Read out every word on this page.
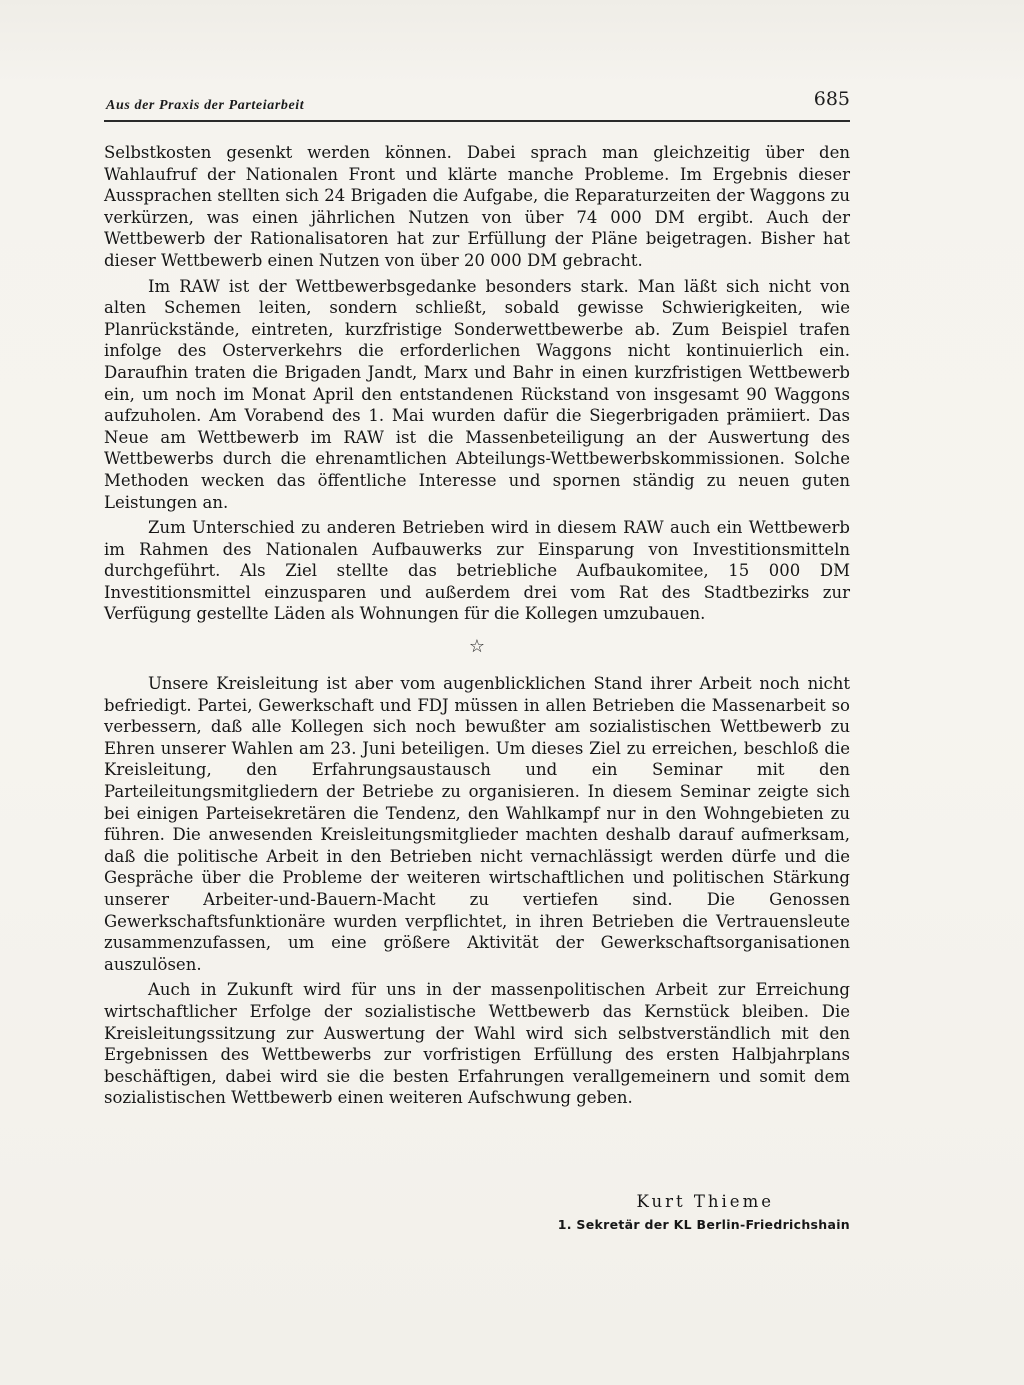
Aus der Praxis der Parteiarbeit	685

Selbstkosten gesenkt werden können. Dabei sprach man gleichzeitig über den Wahlaufruf der Nationalen Front und klärte manche Probleme. Im Ergebnis dieser Aussprachen stellten sich 24 Brigaden die Aufgabe, die Reparaturzeiten der Waggons zu verkürzen, was einen jährlichen Nutzen von über 74 000 DM ergibt. Auch der Wettbewerb der Rationalisatoren hat zur Erfüllung der Pläne beigetragen. Bisher hat dieser Wettbewerb einen Nutzen von über 20 000 DM gebracht.

Im RAW ist der Wettbewerbsgedanke besonders stark. Man läßt sich nicht von alten Schemen leiten, sondern schließt, sobald gewisse Schwierigkeiten, wie Planrückstände, eintreten, kurzfristige Sonderwettbewerbe ab. Zum Beispiel trafen infolge des Osterverkehrs die erforderlichen Waggons nicht kontinuierlich ein. Daraufhin traten die Brigaden Jandt, Marx und Bahr in einen kurzfristigen Wettbewerb ein, um noch im Monat April den entstandenen Rückstand von insgesamt 90 Waggons aufzuholen. Am Vorabend des 1. Mai wurden dafür die Siegerbrigaden prämiiert. Das Neue am Wettbewerb im RAW ist die Massenbeteiligung an der Auswertung des Wettbewerbs durch die ehrenamtlichen Abteilungs-Wettbewerbskommissionen. Solche Methoden wecken das öffentliche Interesse und spornen ständig zu neuen guten Leistungen an.

Zum Unterschied zu anderen Betrieben wird in diesem RAW auch ein Wettbewerb im Rahmen des Nationalen Aufbauwerks zur Einsparung von Investitionsmitteln durchgeführt. Als Ziel stellte das betriebliche Aufbaukomitee, 15 000 DM Investitionsmittel einzusparen und außerdem drei vom Rat des Stadtbezirks zur Verfügung gestellte Läden als Wohnungen für die Kollegen umzubauen.

☆

Unsere Kreisleitung ist aber vom augenblicklichen Stand ihrer Arbeit noch nicht befriedigt. Partei, Gewerkschaft und FDJ müssen in allen Betrieben die Massenarbeit so verbessern, daß alle Kollegen sich noch bewußter am sozialistischen Wettbewerb zu Ehren unserer Wahlen am 23. Juni beteiligen. Um dieses Ziel zu erreichen, beschloß die Kreisleitung, den Erfahrungsaustausch und ein Seminar mit den Parteileitungsmitgliedern der Betriebe zu organisieren. In diesem Seminar zeigte sich bei einigen Parteisekretären die Tendenz, den Wahlkampf nur in den Wohngebieten zu führen. Die anwesenden Kreisleitungsmitglieder machten deshalb darauf aufmerksam, daß die politische Arbeit in den Betrieben nicht vernachlässigt werden dürfe und die Gespräche über die Probleme der weiteren wirtschaftlichen und politischen Stärkung unserer Arbeiter-und-Bauern-Macht zu vertiefen sind. Die Genossen Gewerkschaftsfunktionäre wurden verpflichtet, in ihren Betrieben die Vertrauensleute zusammenzufassen, um eine größere Aktivität der Gewerkschaftsorganisationen auszulösen.

Auch in Zukunft wird für uns in der massenpolitischen Arbeit zur Erreichung wirtschaftlicher Erfolge der sozialistische Wettbewerb das Kernstück bleiben. Die Kreisleitungssitzung zur Auswertung der Wahl wird sich selbstverständlich mit den Ergebnissen des Wettbewerbs zur vorfristigen Erfüllung des ersten Halbjahrplans beschäftigen, dabei wird sie die besten Erfahrungen verallgemeinern und somit dem sozialistischen Wettbewerb einen weiteren Aufschwung geben.

Kurt Thieme
1. Sekretär der KL Berlin-Friedrichshain
